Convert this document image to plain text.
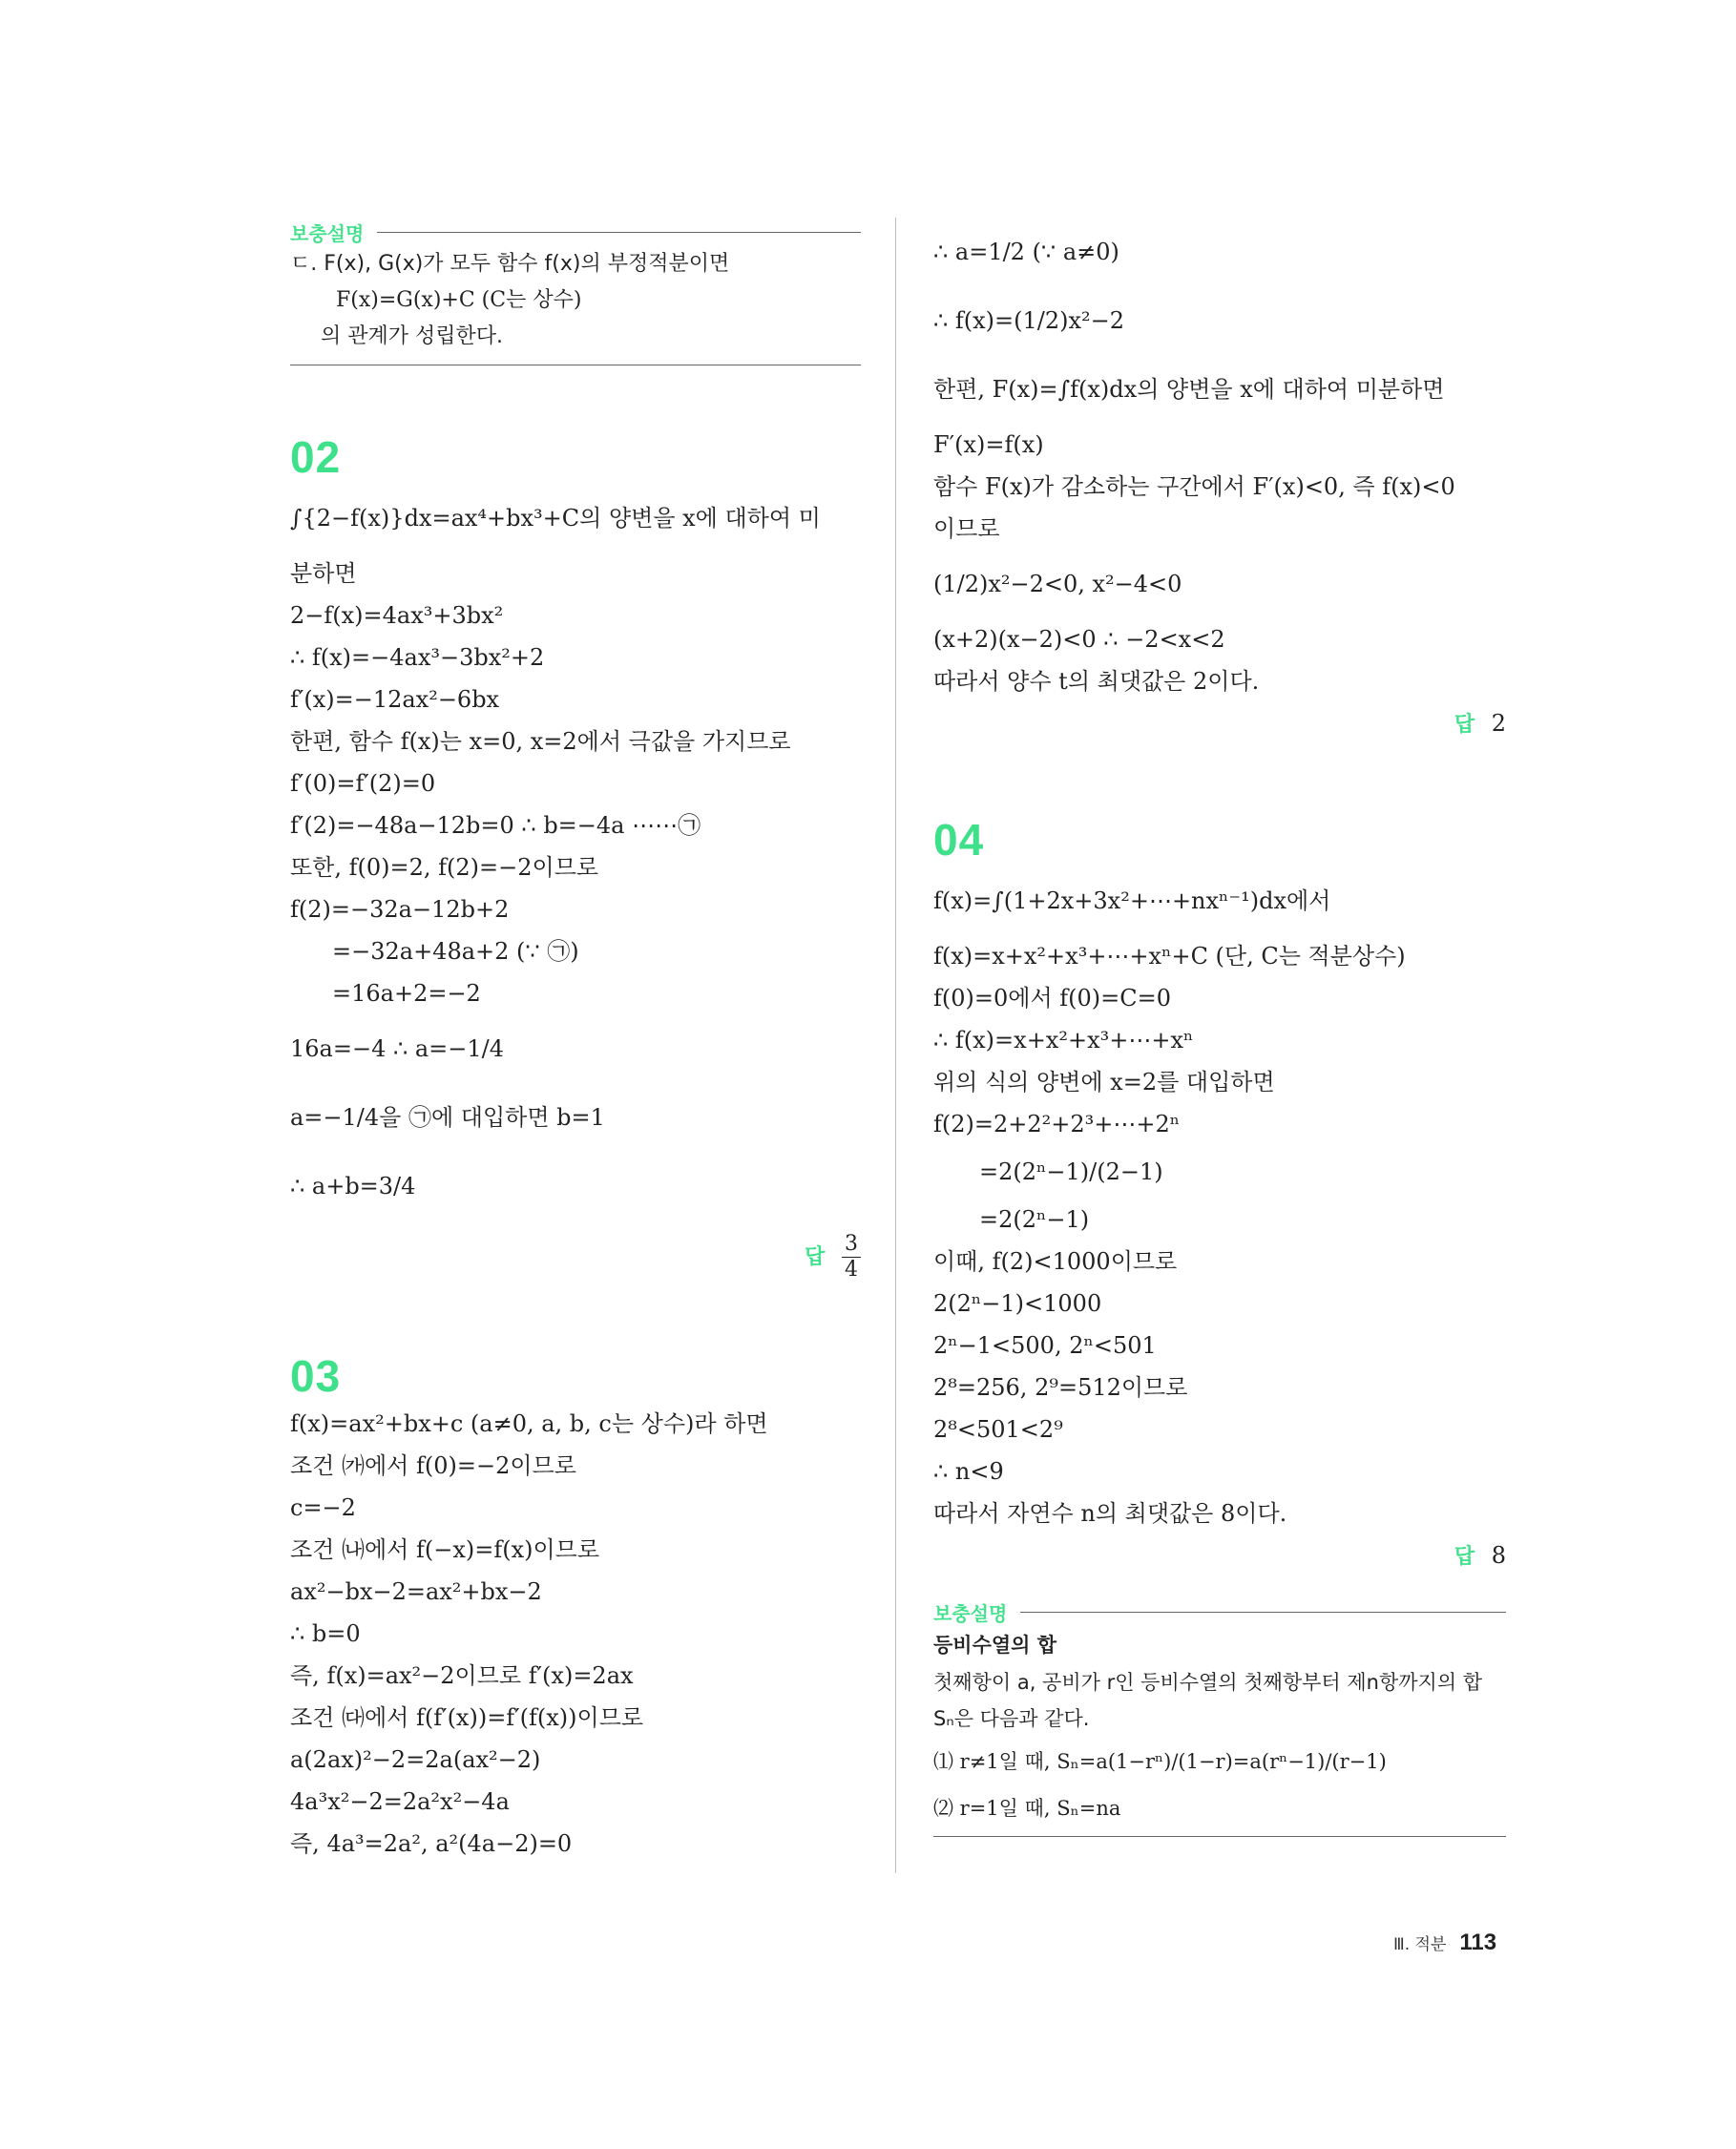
보충설명
ㄷ. F(x), G(x)가 모두 함수 f(x)의 부정적분이면
F(x)=G(x)+C (C는 상수)
의 관계가 성립한다.
02
∫{2−f(x)}dx=ax⁴+bx³+C의 양변을 x에 대하여 미
분하면
2−f(x)=4ax³+3bx²
∴ f(x)=−4ax³−3bx²+2
f′(x)=−12ax²−6bx
한편, 함수 f(x)는 x=0, x=2에서 극값을 가지므로
f′(0)=f′(2)=0
f′(2)=−48a−12b=0 ∴ b=−4a ⋯⋯㉠
또한, f(0)=2, f(2)=−2이므로
f(2)=−32a−12b+2
=−32a+48a+2 (∵ ㉠)
=16a+2=−2
16a=−4 ∴ a=−1/4
a=−1/4을 ㉠에 대입하면 b=1
∴ a+b=3/4
답 $\frac{3}{4}$
03
f(x)=ax²+bx+c (a≠0, a, b, c는 상수)라 하면
조건 ㈎에서 f(0)=−2이므로
c=−2
조건 ㈏에서 f(−x)=f(x)이므로
ax²−bx−2=ax²+bx−2
∴ b=0
즉, f(x)=ax²−2이므로 f′(x)=2ax
조건 ㈐에서 f(f′(x))=f′(f(x))이므로
a(2ax)²−2=2a(ax²−2)
4a³x²−2=2a²x²−4a
즉, 4a³=2a², a²(4a−2)=0
∴ a=1/2 (∵ a≠0)
∴ f(x)=(1/2)x²−2
한편, F(x)=∫f(x)dx의 양변을 x에 대하여 미분하면
F′(x)=f(x)
함수 F(x)가 감소하는 구간에서 F′(x)<0, 즉 f(x)<0
이므로
(1/2)x²−2<0, x²−4<0
(x+2)(x−2)<0 ∴ −2<x<2
따라서 양수 t의 최댓값은 2이다.
답 2
04
f(x)=∫(1+2x+3x²+⋯+nxⁿ⁻¹)dx에서
f(x)=x+x²+x³+⋯+xⁿ+C (단, C는 적분상수)
f(0)=0에서 f(0)=C=0
∴ f(x)=x+x²+x³+⋯+xⁿ
위의 식의 양변에 x=2를 대입하면
f(2)=2+2²+2³+⋯+2ⁿ
=2(2ⁿ−1)/(2−1)
=2(2ⁿ−1)
이때, f(2)<1000이므로
2(2ⁿ−1)<1000
2ⁿ−1<500, 2ⁿ<501
2⁸=256, 2⁹=512이므로
2⁸<501<2⁹
∴ n<9
따라서 자연수 n의 최댓값은 8이다.
답 8
보충설명
등비수열의 합
첫째항이 a, 공비가 r인 등비수열의 첫째항부터 제n항까지의 합
Sₙ은 다음과 같다.
⑴ r≠1일 때, Sₙ=a(1−rⁿ)/(1−r)=a(rⁿ−1)/(r−1)
⑵ r=1일 때, Sₙ=na
Ⅲ. 적분 113
